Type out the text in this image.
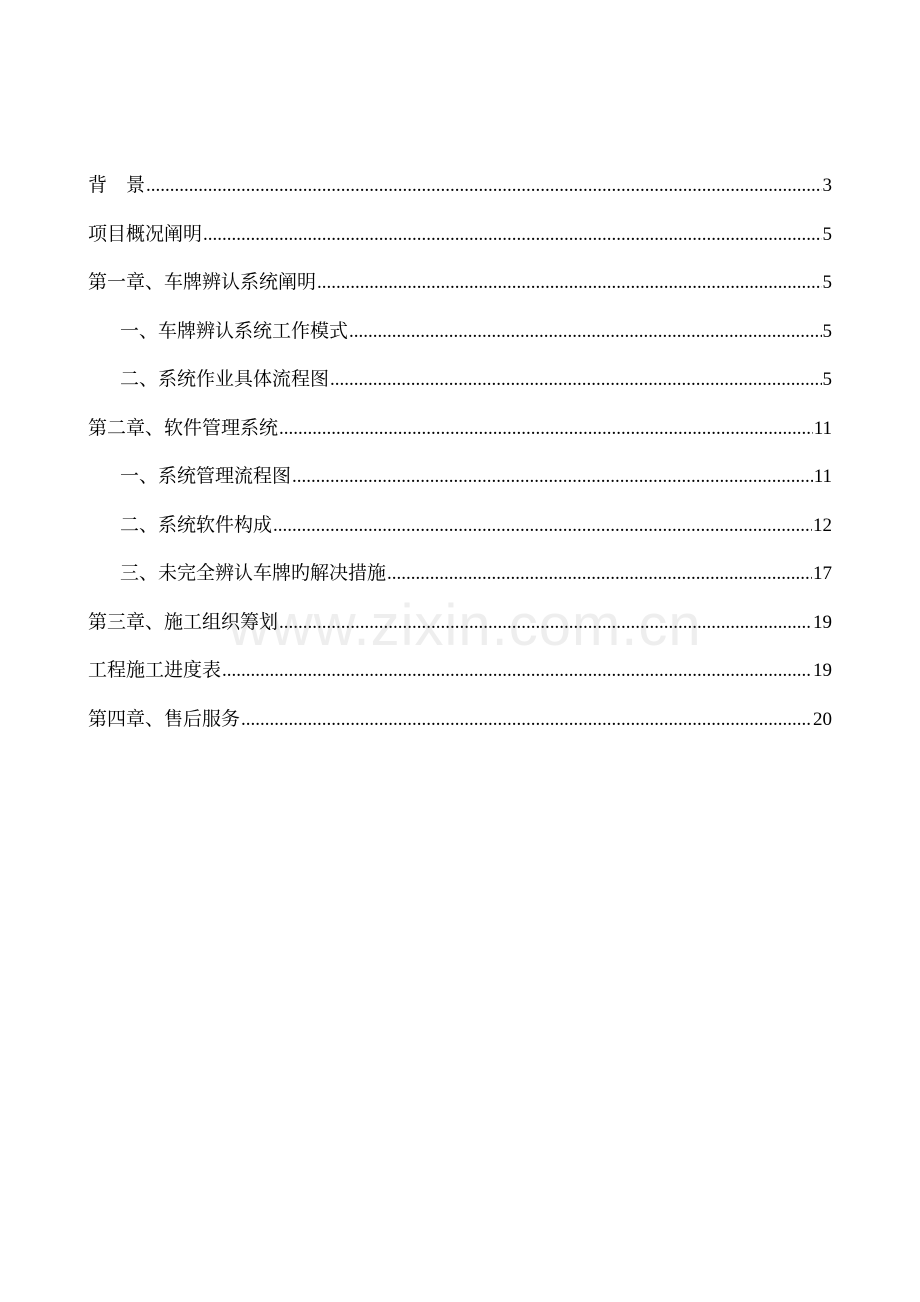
背　景 .....	3
项目概况阐明 .....	5
第一章、车牌辨认系统阐明 .....	5
一、 车牌辨认系统工作模式 .....	5
二、 系统作业具体流程图 .....	5
第二章、软件管理系统 .....	11
一、 系统管理流程图 .....	11
二、 系统软件构成 .....	12
三、 未完全辨认车牌旳解决措施 .....	17
第三章、施工组织筹划 .....	19
工程施工进度表 .....	19
第四章、售后服务 .....	20
www.zixin.com.cn
